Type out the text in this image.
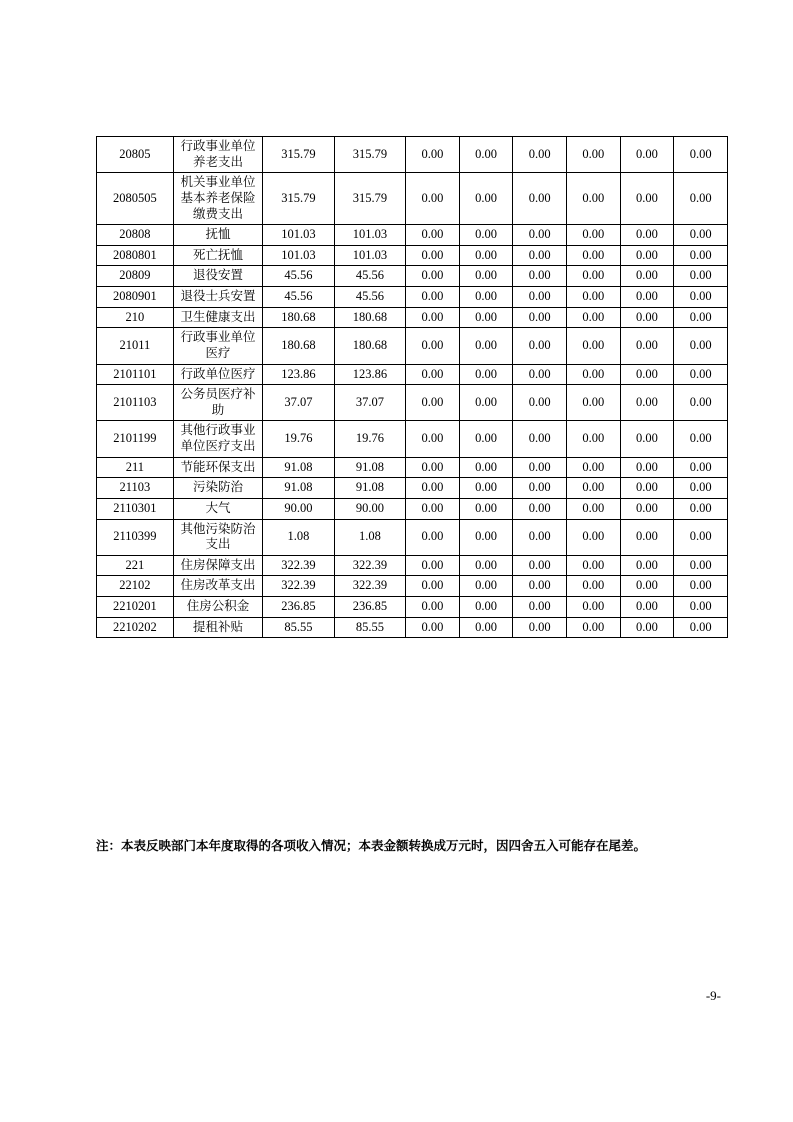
20805	行政事业单位养老支出	315.79	315.79	0.00	0.00	0.00	0.00	0.00	0.00
2080505	机关事业单位基本养老保险缴费支出	315.79	315.79	0.00	0.00	0.00	0.00	0.00	0.00
20808	抚恤	101.03	101.03	0.00	0.00	0.00	0.00	0.00	0.00
2080801	死亡抚恤	101.03	101.03	0.00	0.00	0.00	0.00	0.00	0.00
20809	退役安置	45.56	45.56	0.00	0.00	0.00	0.00	0.00	0.00
2080901	退役士兵安置	45.56	45.56	0.00	0.00	0.00	0.00	0.00	0.00
210	卫生健康支出	180.68	180.68	0.00	0.00	0.00	0.00	0.00	0.00
21011	行政事业单位医疗	180.68	180.68	0.00	0.00	0.00	0.00	0.00	0.00
2101101	行政单位医疗	123.86	123.86	0.00	0.00	0.00	0.00	0.00	0.00
2101103	公务员医疗补助	37.07	37.07	0.00	0.00	0.00	0.00	0.00	0.00
2101199	其他行政事业单位医疗支出	19.76	19.76	0.00	0.00	0.00	0.00	0.00	0.00
211	节能环保支出	91.08	91.08	0.00	0.00	0.00	0.00	0.00	0.00
21103	污染防治	91.08	91.08	0.00	0.00	0.00	0.00	0.00	0.00
2110301	大气	90.00	90.00	0.00	0.00	0.00	0.00	0.00	0.00
2110399	其他污染防治支出	1.08	1.08	0.00	0.00	0.00	0.00	0.00	0.00
221	住房保障支出	322.39	322.39	0.00	0.00	0.00	0.00	0.00	0.00
22102	住房改革支出	322.39	322.39	0.00	0.00	0.00	0.00	0.00	0.00
2210201	住房公积金	236.85	236.85	0.00	0.00	0.00	0.00	0.00	0.00
2210202	提租补贴	85.55	85.55	0.00	0.00	0.00	0.00	0.00	0.00
注：本表反映部门本年度取得的各项收入情况；本表金额转换成万元时，因四舍五入可能存在尾差。
-9-
